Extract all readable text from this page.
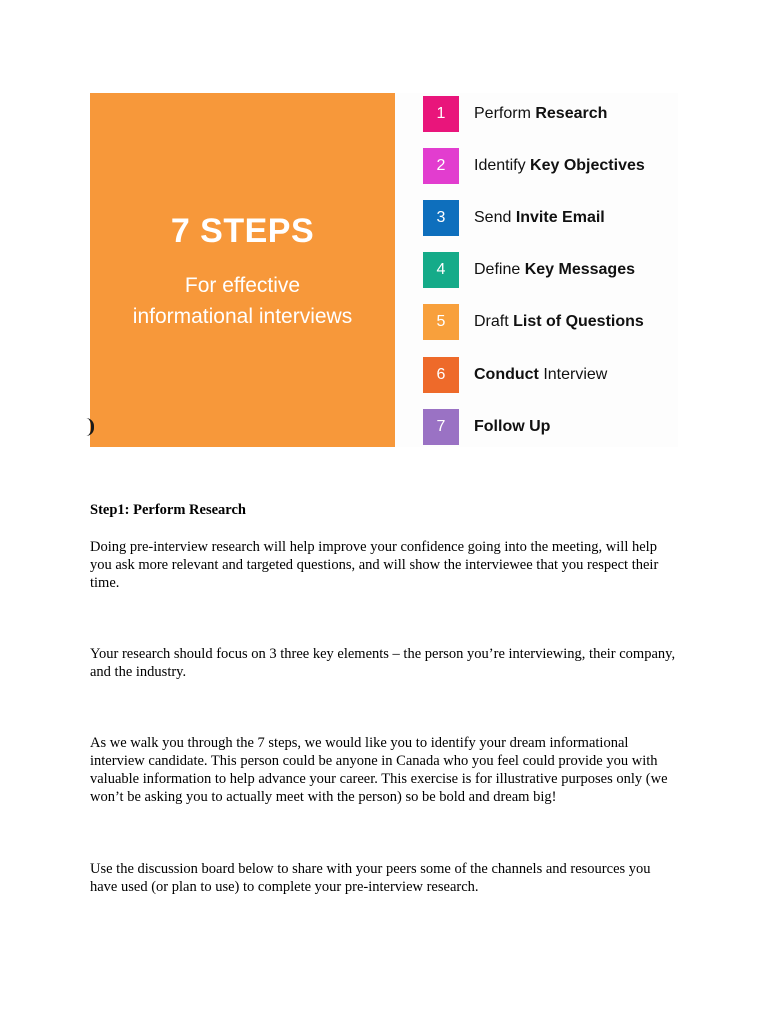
7 STEPS
For effective
informational interviews
1	Perform Research
2	Identify Key Objectives
3	Send Invite Email
4	Define Key Messages
5	Draft List of Questions
6	Conduct Interview
7	Follow Up
Step1: Perform Research
Doing pre-interview research will help improve your confidence going into the meeting, will help you ask more relevant and targeted questions, and will show the interviewee that you respect their time.
Your research should focus on 3 three key elements – the person you’re interviewing, their company, and the industry.
As we walk you through the 7 steps, we would like you to identify your dream informational interview candidate. This person could be anyone in Canada who you feel could provide you with valuable information to help advance your career. This exercise is for illustrative purposes only (we won’t be asking you to actually meet with the person) so be bold and dream big!
Use the discussion board below to share with your peers some of the channels and resources you have used (or plan to use) to complete your pre-interview research.
